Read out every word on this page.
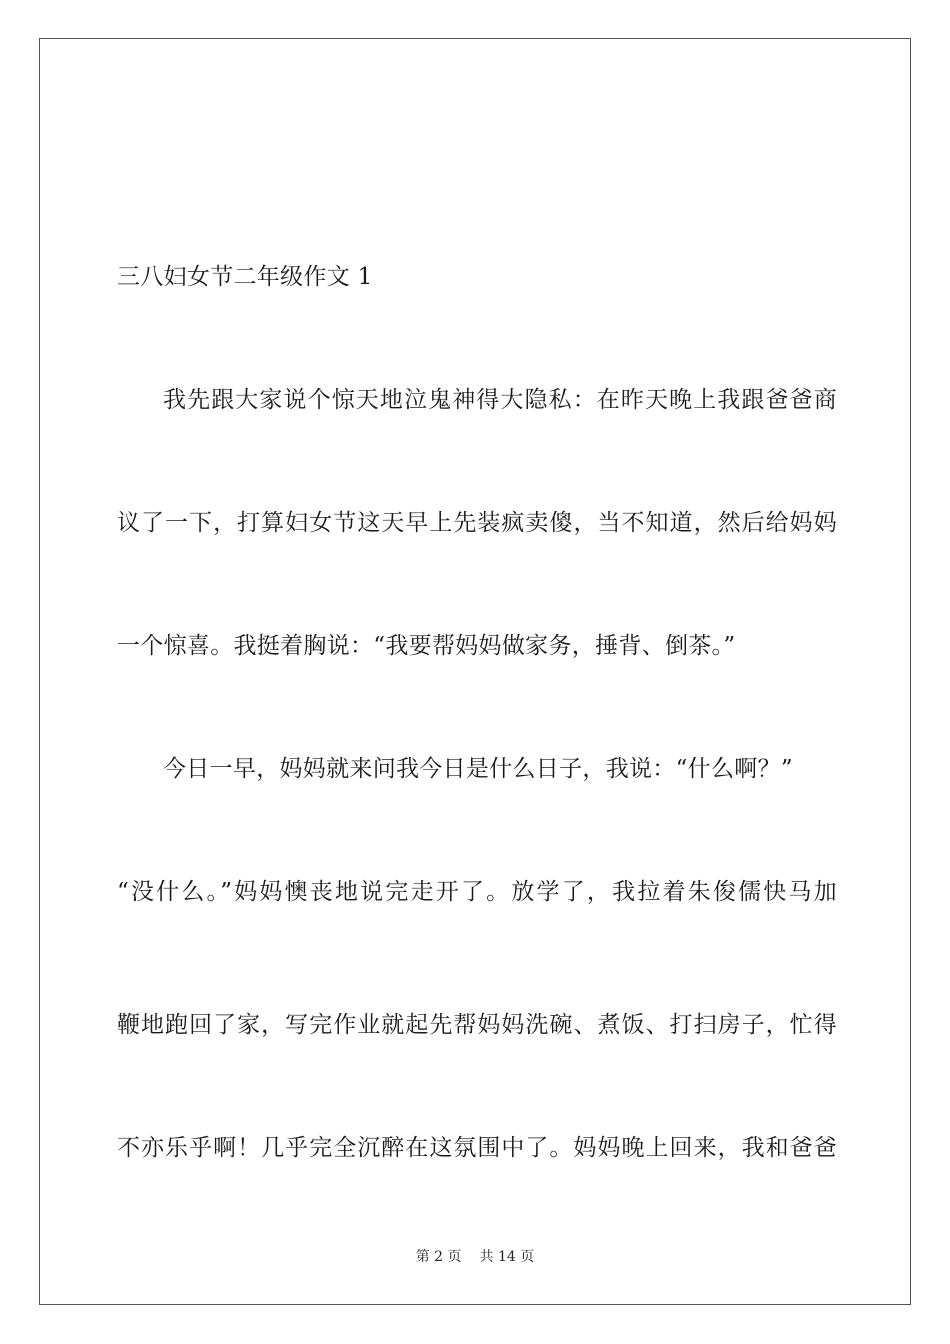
三八妇女节二年级作文 1
我先跟大家说个惊天地泣鬼神得大隐私：在昨天晚上我跟爸爸商
议了一下，打算妇女节这天早上先装疯卖傻，当不知道，然后给妈妈
一个惊喜。我挺着胸说：“我要帮妈妈做家务，捶背、倒茶。”
今日一早，妈妈就来问我今日是什么日子，我说：“什么啊？”
“没什么。”妈妈懊丧地说完走开了。放学了，我拉着朱俊儒快马加
鞭地跑回了家，写完作业就起先帮妈妈洗碗、煮饭、打扫房子，忙得
不亦乐乎啊！几乎完全沉醉在这氛围中了。妈妈晚上回来，我和爸爸
第 2 页 共 14 页
